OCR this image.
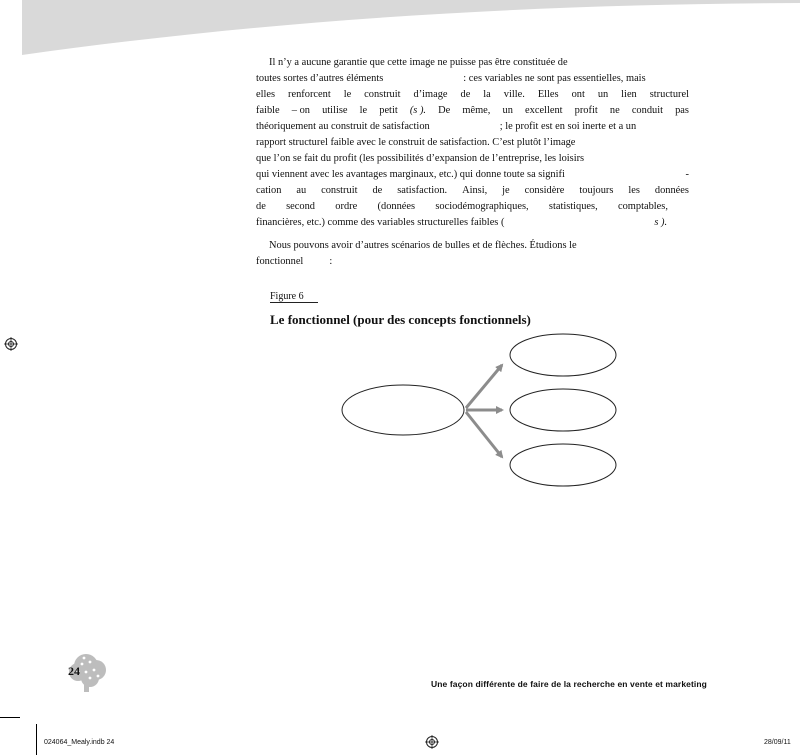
Il n’y a aucune garantie que cette image ne puisse pas être constituée de
toutes sortes d’autres éléments	: ces variables ne sont pas essentielles, mais
elles renforcent le construit d’image de la ville. Elles ont un lien structurel
faible – on utilise le petit (s ). De même, un excellent profit ne conduit pas
théoriquement au construit de satisfaction	; le profit est en soi inerte et a un
rapport structurel faible avec le construit de satisfaction. C’est plutôt l’image
que l’on se fait du profit (les possibilités d’expansion de l’entreprise, les loisirs
qui viennent avec les avantages marginaux, etc.) qui donne toute sa signifi	-
cation au construit de satisfaction. Ainsi, je considère toujours les données
de second ordre (données sociodémographiques, statistiques, comptables,
financières, etc.) comme des variables structurelles faibles (	s ).
Nous pouvons avoir d’autres scénarios de bulles et de flèches. Étudions le
fonctionnel	:
Figure 6
Le fonctionnel (pour des concepts fonctionnels)
24
Une façon différente de faire de la recherche en vente et marketing
024064_Mealy.indb 24	28/09/11
